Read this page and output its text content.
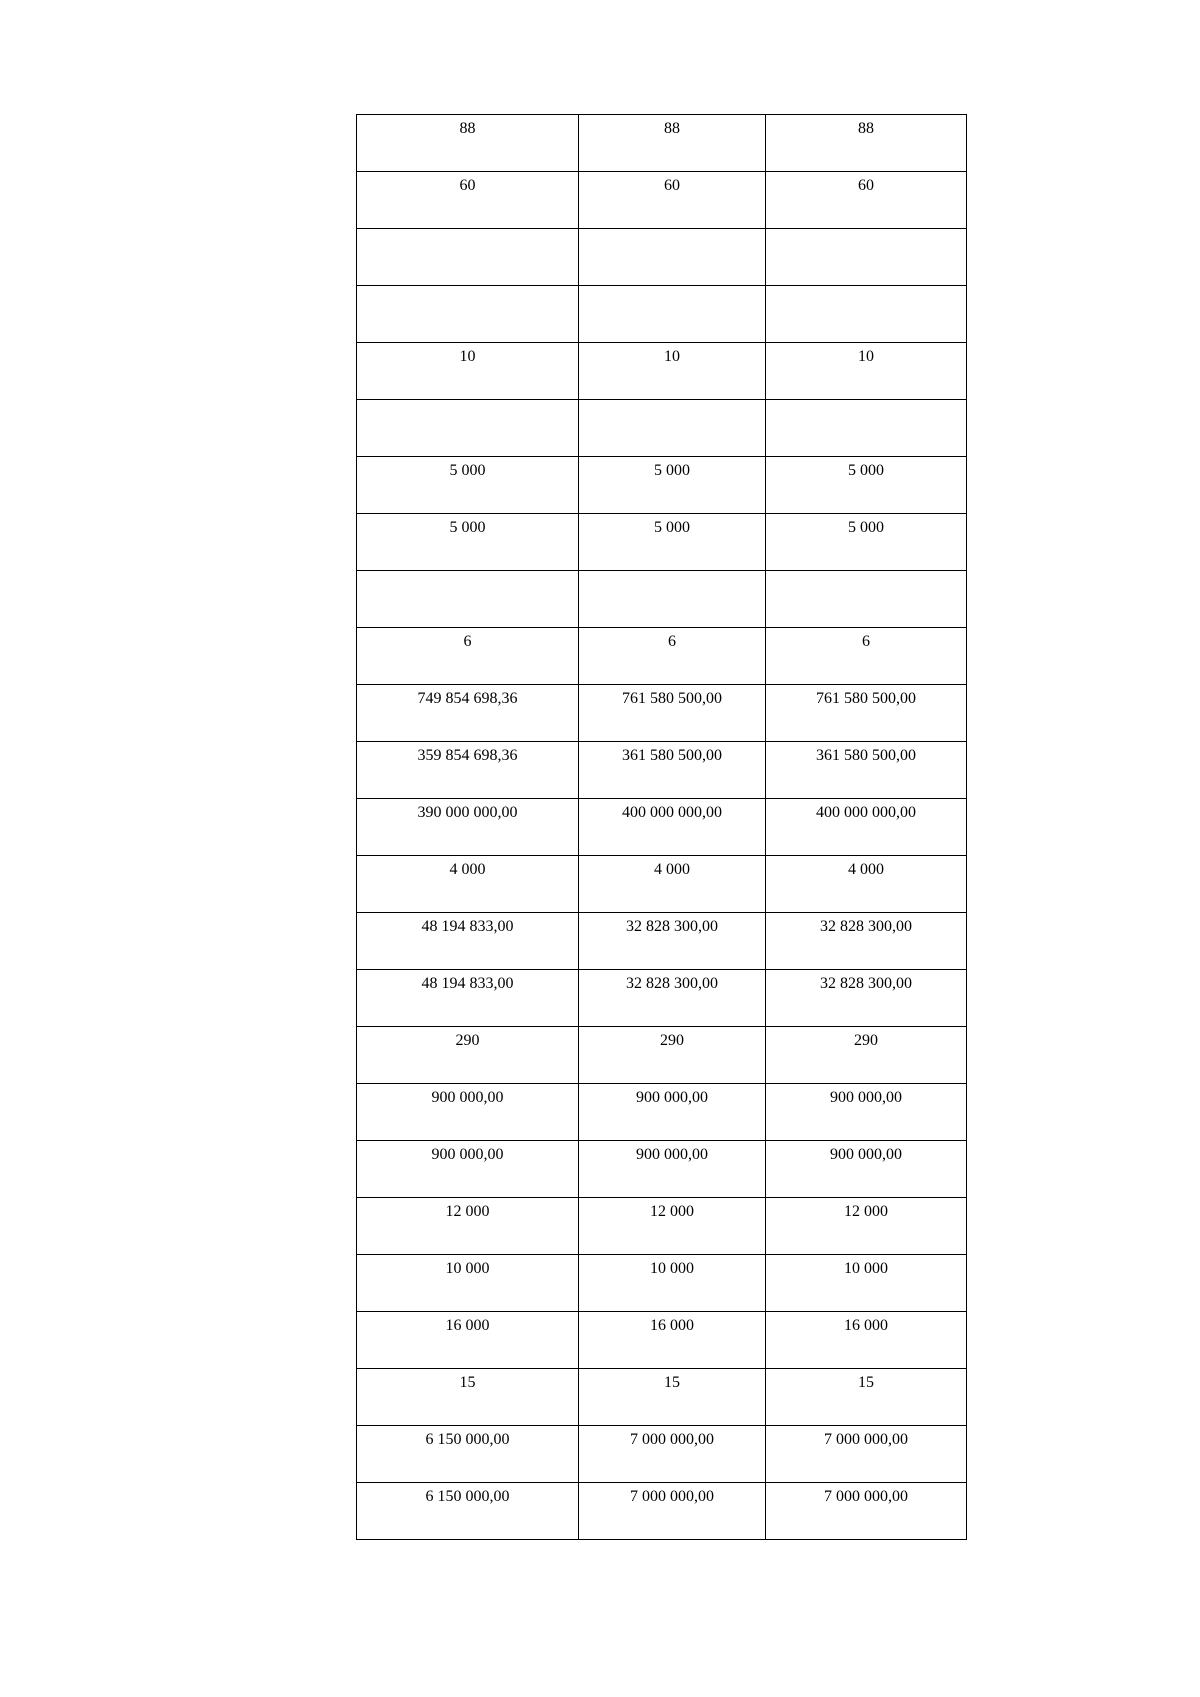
88	88	88

60	60	60

10	10	10

5 000	5 000	5 000

5 000	5 000	5 000

6	6	6

749 854 698,36	761 580 500,00	761 580 500,00

359 854 698,36	361 580 500,00	361 580 500,00

390 000 000,00	400 000 000,00	400 000 000,00

4 000	4 000	4 000

48 194 833,00	32 828 300,00	32 828 300,00

48 194 833,00	32 828 300,00	32 828 300,00

290	290	290

900 000,00	900 000,00	900 000,00

900 000,00	900 000,00	900 000,00

12 000	12 000	12 000

10 000	10 000	10 000

16 000	16 000	16 000

15	15	15

6 150 000,00	7 000 000,00	7 000 000,00

6 150 000,00	7 000 000,00	7 000 000,00
